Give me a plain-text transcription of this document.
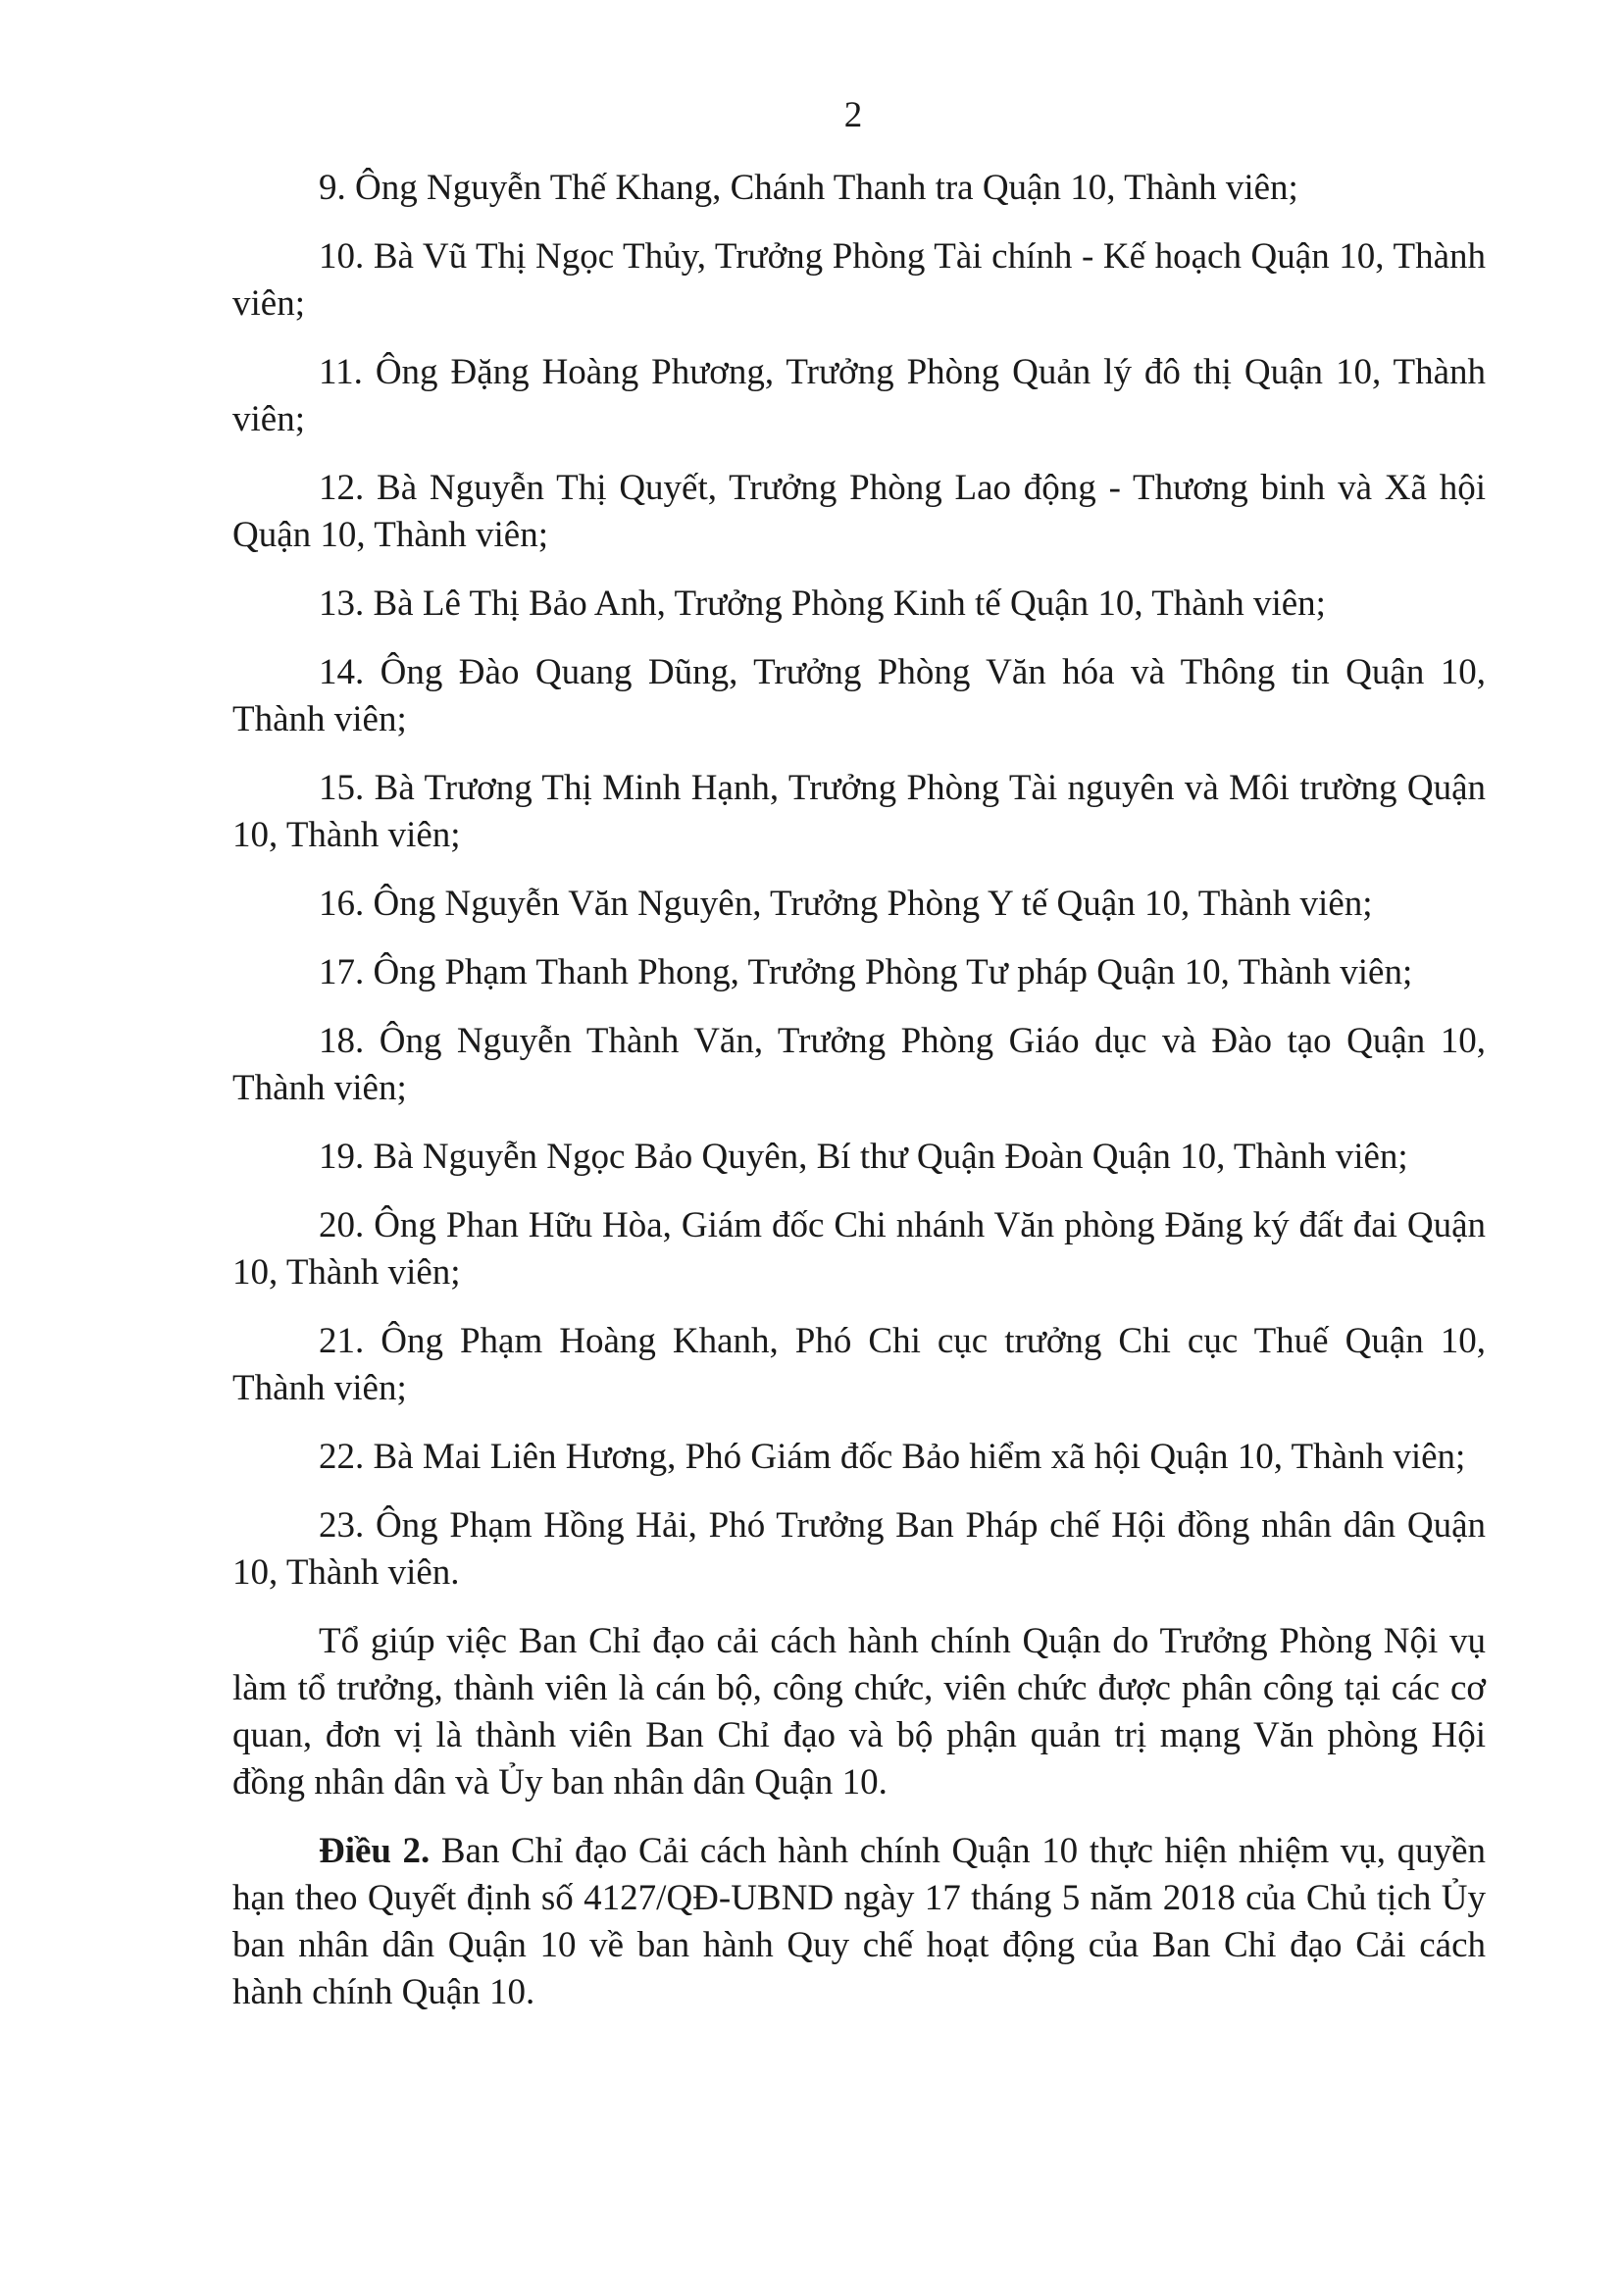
2

9. Ông Nguyễn Thế Khang, Chánh Thanh tra Quận 10, Thành viên;

10. Bà Vũ Thị Ngọc Thủy, Trưởng Phòng Tài chính - Kế hoạch Quận 10, Thành viên;

11. Ông Đặng Hoàng Phương, Trưởng Phòng Quản lý đô thị Quận 10, Thành viên;

12. Bà Nguyễn Thị Quyết, Trưởng Phòng Lao động - Thương binh và Xã hội Quận 10, Thành viên;

13. Bà Lê Thị Bảo Anh, Trưởng Phòng Kinh tế Quận 10, Thành viên;

14. Ông Đào Quang Dũng, Trưởng Phòng Văn hóa và Thông tin Quận 10, Thành viên;

15. Bà Trương Thị Minh Hạnh, Trưởng Phòng Tài nguyên và Môi trường Quận 10, Thành viên;

16. Ông Nguyễn Văn Nguyên, Trưởng Phòng Y tế Quận 10, Thành viên;

17. Ông Phạm Thanh Phong, Trưởng Phòng Tư pháp Quận 10, Thành viên;

18. Ông Nguyễn Thành Văn, Trưởng Phòng Giáo dục và Đào tạo Quận 10, Thành viên;

19. Bà Nguyễn Ngọc Bảo Quyên, Bí thư Quận Đoàn Quận 10, Thành viên;

20. Ông Phan Hữu Hòa, Giám đốc Chi nhánh Văn phòng Đăng ký đất đai Quận 10, Thành viên;

21. Ông Phạm Hoàng Khanh, Phó Chi cục trưởng Chi cục Thuế Quận 10, Thành viên;

22. Bà Mai Liên Hương, Phó Giám đốc Bảo hiểm xã hội Quận 10, Thành viên;

23. Ông Phạm Hồng Hải, Phó Trưởng Ban Pháp chế Hội đồng nhân dân Quận 10, Thành viên.

Tổ giúp việc Ban Chỉ đạo cải cách hành chính Quận do Trưởng Phòng Nội vụ làm tổ trưởng, thành viên là cán bộ, công chức, viên chức được phân công tại các cơ quan, đơn vị là thành viên Ban Chỉ đạo và bộ phận quản trị mạng Văn phòng Hội đồng nhân dân và Ủy ban nhân dân Quận 10.

Điều 2. Ban Chỉ đạo Cải cách hành chính Quận 10 thực hiện nhiệm vụ, quyền hạn theo Quyết định số 4127/QĐ-UBND ngày 17 tháng 5 năm 2018 của Chủ tịch Ủy ban nhân dân Quận 10 về ban hành Quy chế hoạt động của Ban Chỉ đạo Cải cách hành chính Quận 10.
